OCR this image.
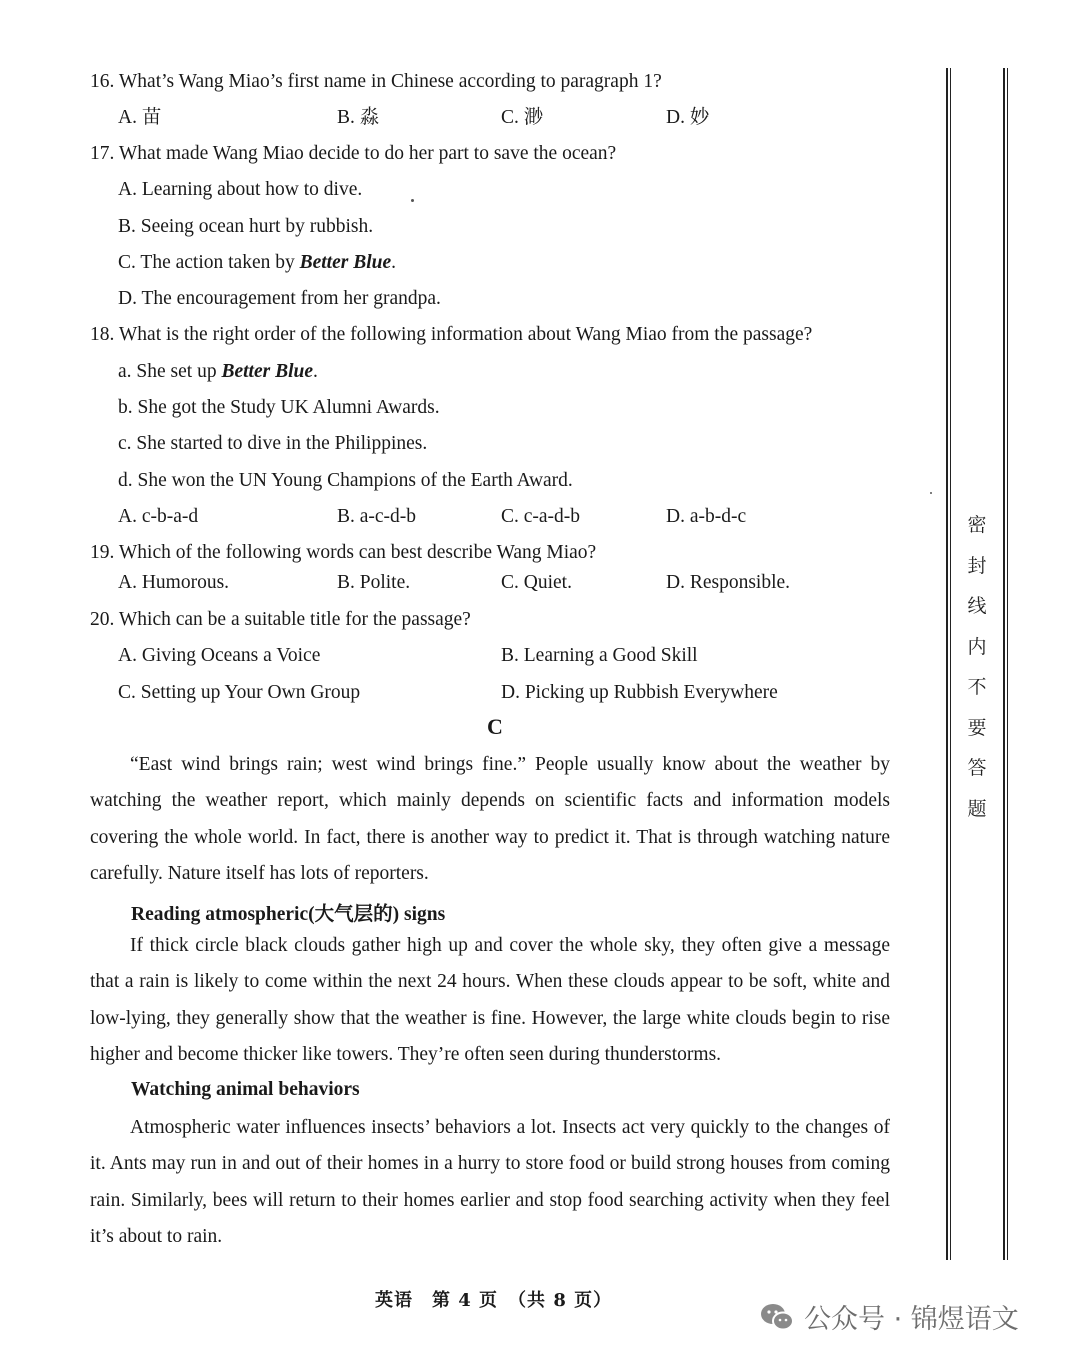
16. What’s Wang Miao’s first name in Chinese according to paragraph 1?
A. 苗	B. 淼	C. 渺	D. 妙
17. What made Wang Miao decide to do her part to save the ocean?
A. Learning about how to dive.
B. Seeing ocean hurt by rubbish.
C. The action taken by Better Blue.
D. The encouragement from her grandpa.
18. What is the right order of the following information about Wang Miao from the passage?
a. She set up Better Blue.
b. She got the Study UK Alumni Awards.
c. She started to dive in the Philippines.
d. She won the UN Young Champions of the Earth Award.
A. c-b-a-d	B. a-c-d-b	C. c-a-d-b	D. a-b-d-c
19. Which of the following words can best describe Wang Miao?
A. Humorous.	B. Polite.	C. Quiet.	D. Responsible.
20. Which can be a suitable title for the passage?
A. Giving Oceans a Voice	B. Learning a Good Skill
C. Setting up Your Own Group	D. Picking up Rubbish Everywhere
C

“East wind brings rain; west wind brings fine.” People usually know about the weather by watching the weather report, which mainly depends on scientific facts and information models covering the whole world. In fact, there is another way to predict it. That is through watching nature carefully. Nature itself has lots of reporters.

Reading atmospheric(大气层的) signs

If thick circle black clouds gather high up and cover the whole sky, they often give a message that a rain is likely to come within the next 24 hours. When these clouds appear to be soft, white and low-lying, they generally show that the weather is fine. However, the large white clouds begin to rise higher and become thicker like towers. They’re often seen during thunderstorms.

Watching animal behaviors

Atmospheric water influences insects’ behaviors a lot. Insects act very quickly to the changes of it. Ants may run in and out of their homes in a hurry to store food or build strong houses from coming rain. Similarly, bees will return to their homes earlier and stop food searching activity when they feel it’s about to rain.

密
封
线
内
不
要
答
题
英语　第 4 页　（共 8 页）
公众号 · 锦煜语文
